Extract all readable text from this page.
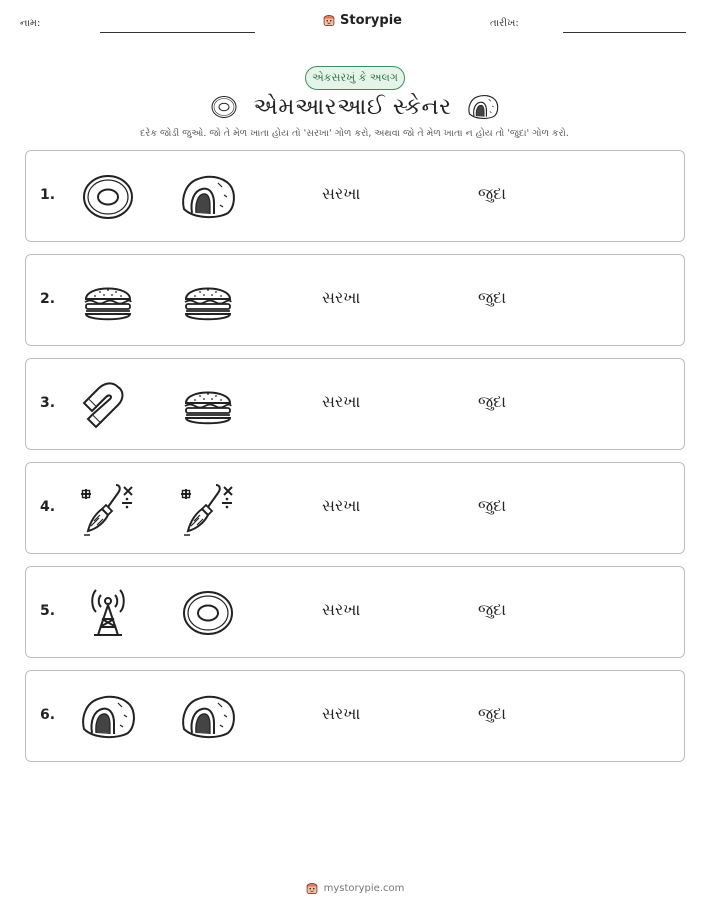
નામ:	Storypie	તારીખ:
એકસરખું કે અલગ
એમઆરઆઈ સ્કેનર
દરેક જોડી જુઓ. જો તે મેળ ખાતા હોય તો 'સરખા' ગોળ કરો, અથવા જો તે મેળ ખાતા ન હોય તો 'જુદા' ગોળ કરો.
1.	સરખા	જુદા
2.	સરખા	જુદા
3.	સરખા	જુદા
4.	સરખા	જુદા
5.	સરખા	જુદા
6.	સરખા	જુદા
mystorypie.com
